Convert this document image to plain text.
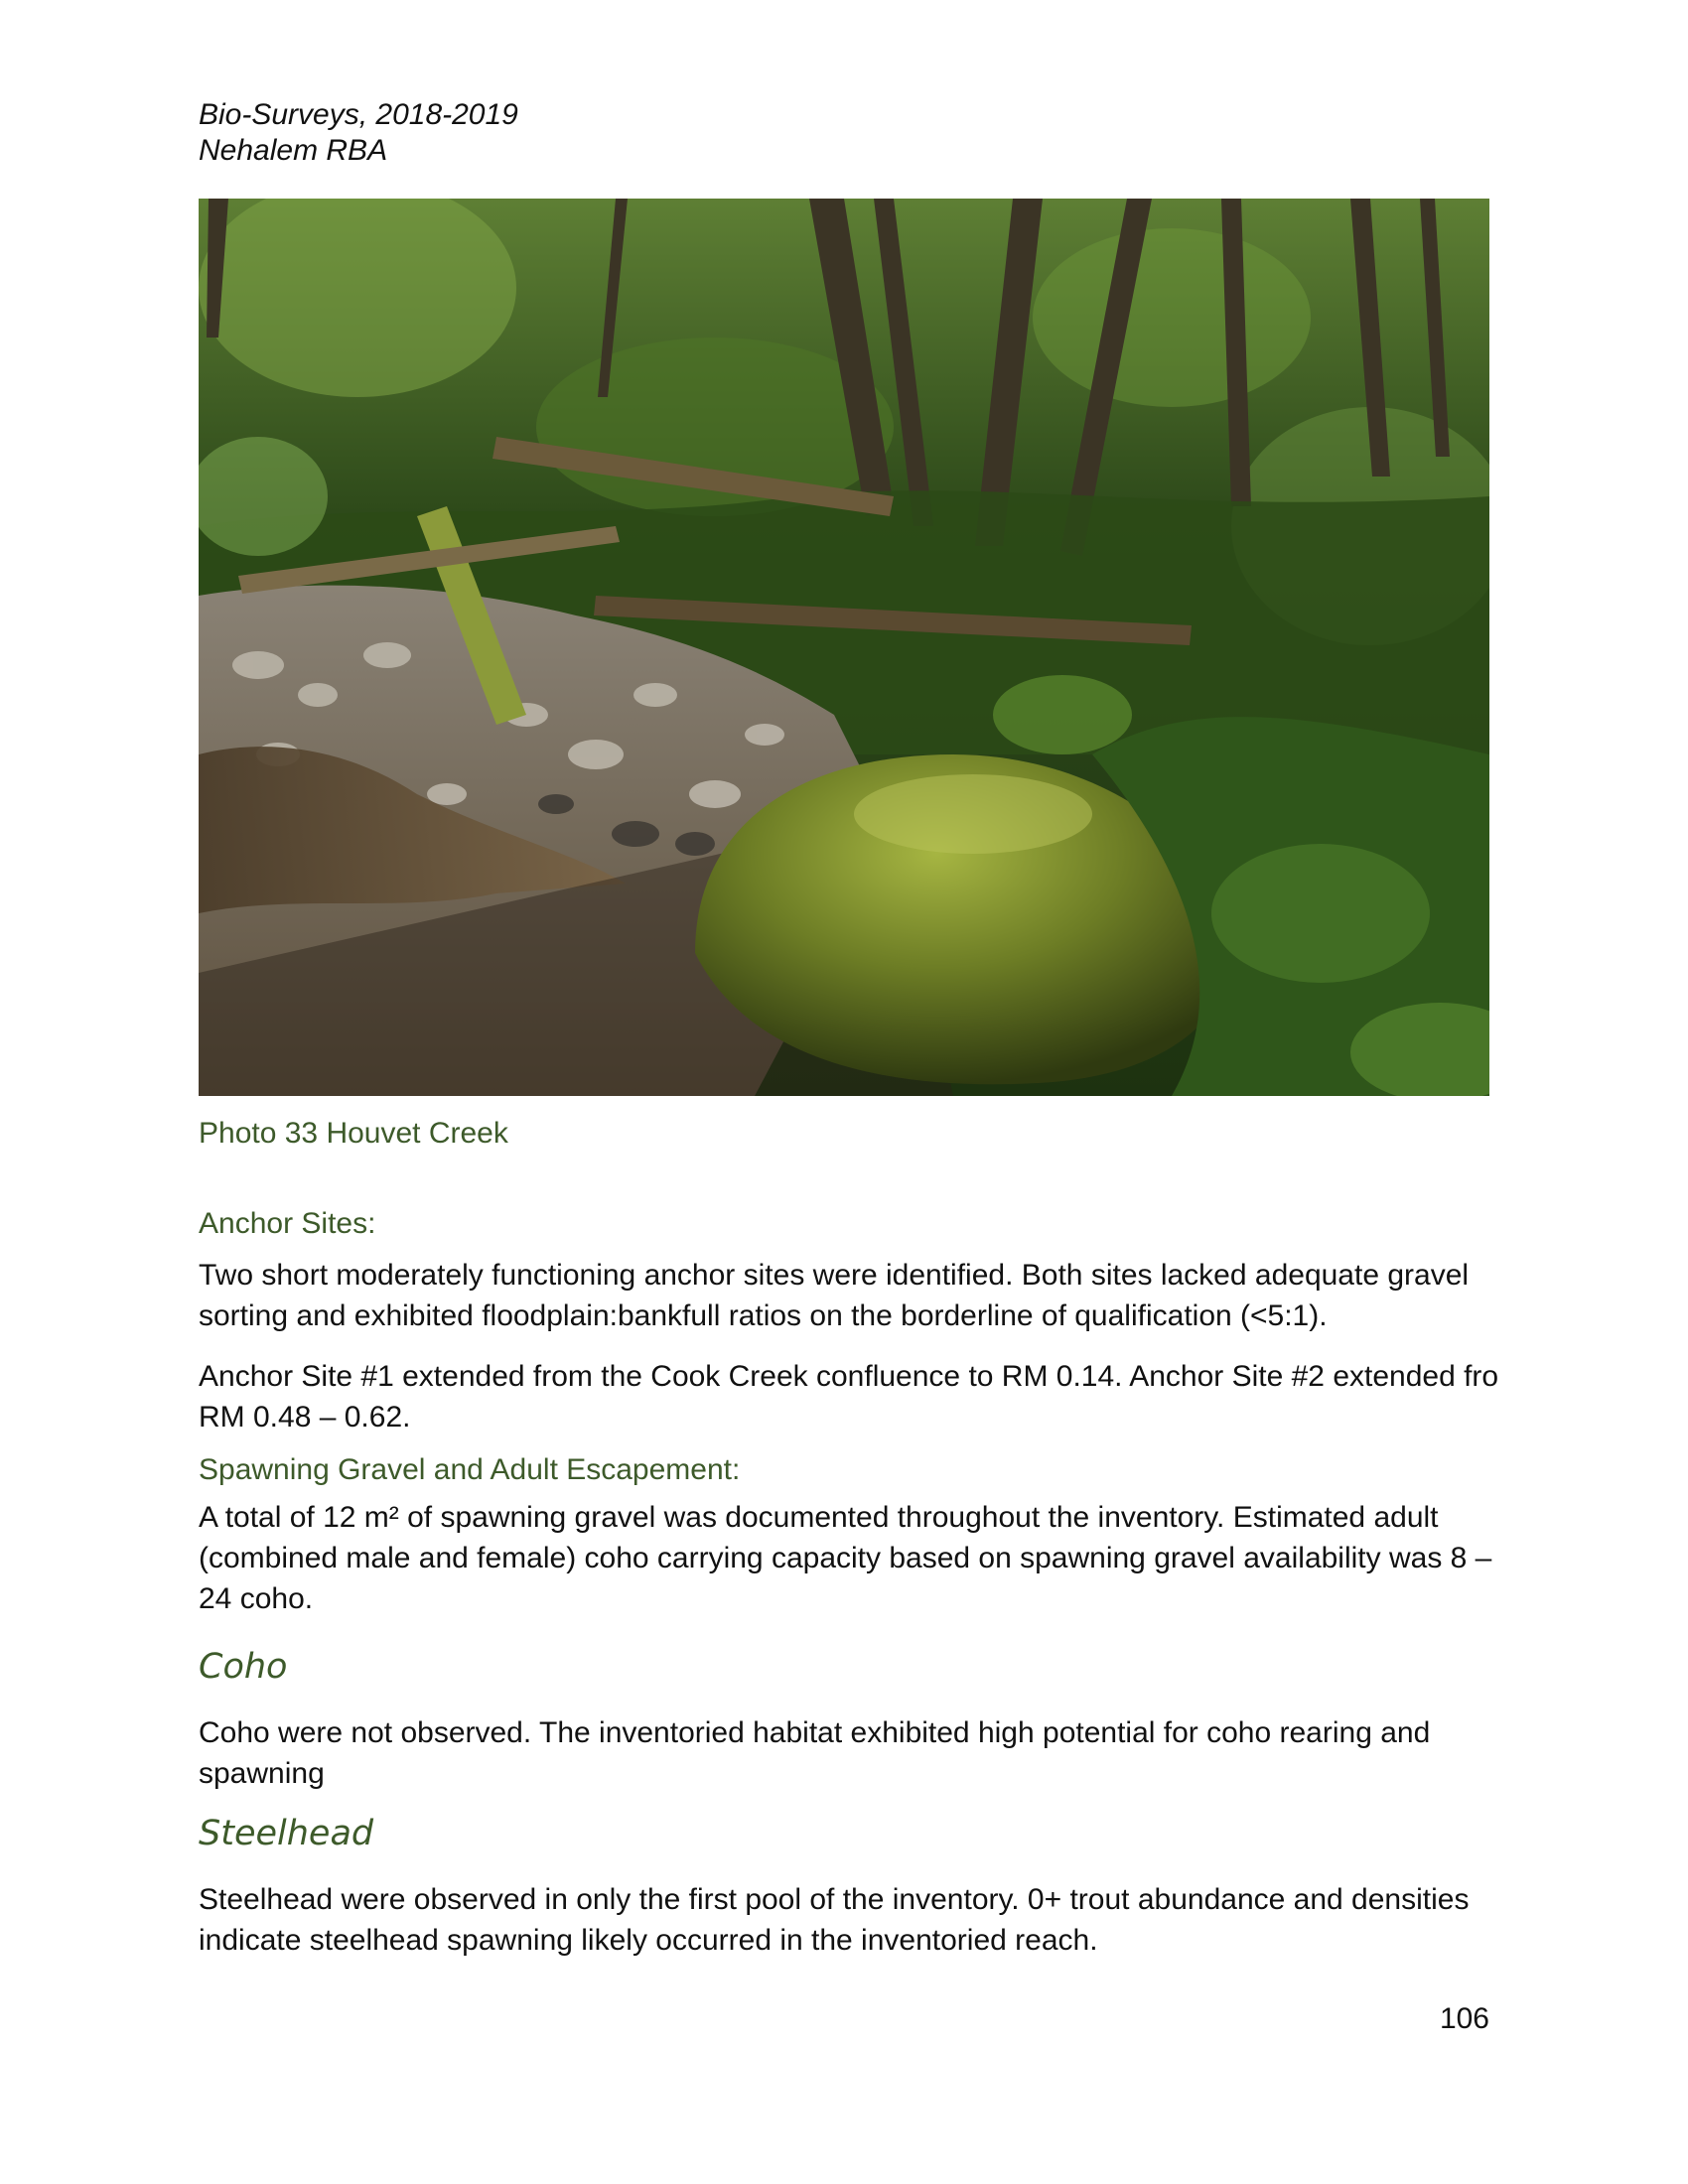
Bio-Surveys, 2018-2019
Nehalem RBA
Photo 33 Houvet Creek
Anchor Sites:
Two short moderately functioning anchor sites were identified. Both sites lacked adequate gravel sorting and exhibited floodplain:bankfull ratios on the borderline of qualification (<5:1).
Anchor Site #1 extended from the Cook Creek confluence to RM 0.14. Anchor Site #2 extended fro RM 0.48 – 0.62.
Spawning Gravel and Adult Escapement:
A total of 12 m² of spawning gravel was documented throughout the inventory. Estimated adult (combined male and female) coho carrying capacity based on spawning gravel availability was 8 – 24 coho.
Coho
Coho were not observed. The inventoried habitat exhibited high potential for coho rearing and spawning
Steelhead
Steelhead were observed in only the first pool of the inventory. 0+ trout abundance and densities indicate steelhead spawning likely occurred in the inventoried reach.
106
